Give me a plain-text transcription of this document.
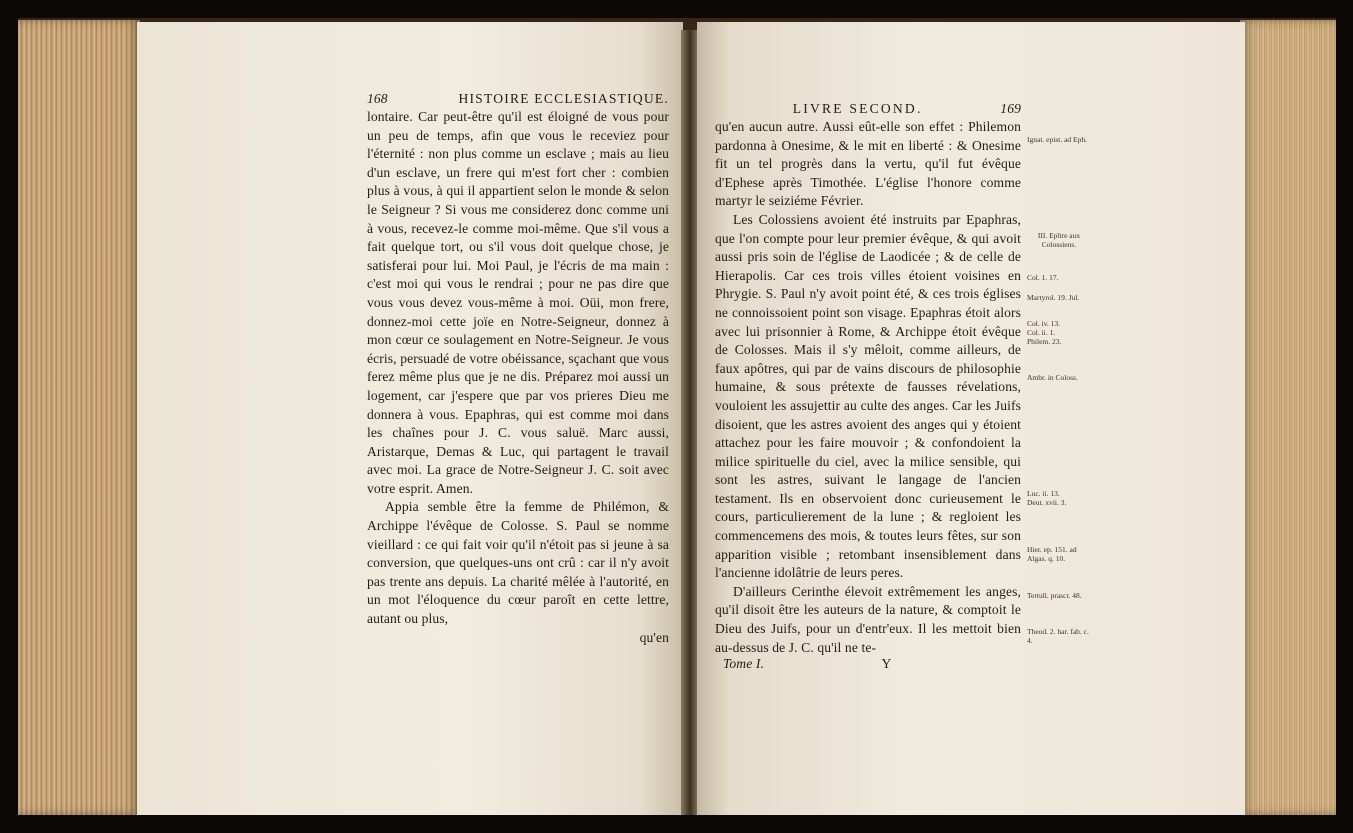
168	HISTOIRE ECCLESIASTIQUE.

lontaire. Car peut-être qu'il est éloigné de vous pour un peu de temps, afin que vous le receviez pour l'éternité : non plus comme un esclave ; mais au lieu d'un esclave, un frere qui m'est fort cher : combien plus à vous, à qui il appartient selon le monde & selon le Seigneur ? Si vous me considerez donc comme uni à vous, recevez-le comme moi-même. Que s'il vous a fait quelque tort, ou s'il vous doit quelque chose, je satisferai pour lui. Moi Paul, je l'écris de ma main : c'est moi qui vous le rendrai ; pour ne pas dire que vous vous devez vous-même à moi. Oüi, mon frere, donnez-moi cette joïe en Notre-Seigneur, donnez à mon cœur ce soulagement en Notre-Seigneur. Je vous écris, persuadé de votre obéissance, sçachant que vous ferez même plus que je ne dis. Préparez moi aussi un logement, car j'espere que par vos prieres Dieu me donnera à vous. Epaphras, qui est comme moi dans les chaînes pour J. C. vous saluë. Marc aussi, Aristarque, Demas & Luc, qui partagent le travail avec moi. La grace de Notre-Seigneur J. C. soit avec votre esprit. Amen.

Appia semble être la femme de Philémon, & Archippe l'évêque de Colosse. S. Paul se nomme vieillard : ce qui fait voir qu'il n'étoit pas si jeune à sa conversion, que quelques-uns ont crû : car il n'y avoit pas trente ans depuis. La charité mêlée à l'autorité, en un mot l'éloquence du cœur paroît en cette lettre, autant ou plus,

qu'en

LIVRE SECOND.	169

qu'en aucun autre. Aussi eût-elle son effet : Philemon pardonna à Onesime, & le mit en liberté : & Onesime fit un tel progrès dans la vertu, qu'il fut évêque d'Ephese après Timothée. L'église l'honore comme martyr le seiziéme Février.

Les Colossiens avoient été instruits par Epaphras, que l'on compte pour leur premier évêque, & qui avoit aussi pris soin de l'église de Laodicée ; & de celle de Hierapolis. Car ces trois villes étoient voisines en Phrygie. S. Paul n'y avoit point été, & ces trois églises ne connoissoient point son visage. Epaphras étoit alors avec lui prisonnier à Rome, & Archippe étoit évêque de Colosses. Mais il s'y mêloit, comme ailleurs, de faux apôtres, qui par de vains discours de philosophie humaine, & sous prétexte de fausses révelations, vouloient les assujettir au culte des anges. Car les Juifs disoient, que les astres avoient des anges qui y étoient attachez pour les faire mouvoir ; & confondoient la milice spirituelle du ciel, avec la milice sensible, qui sont les astres, suivant le langage de l'ancien testament. Ils en observoient donc curieusement le cours, particulierement de la lune ; & regloient les commencemens des mois, & toutes leurs fêtes, sur son apparition visible ; retombant insensiblement dans l'ancienne idolâtrie de leurs peres.

D'ailleurs Cerinthe élevoit extrêmement les anges, qu'il disoit être les auteurs de la nature, & comptoit le Dieu des Juifs, pour un d'entr'eux. Il les mettoit bien au-dessus de J. C. qu'il ne te-

Tome I.	Y
Ignat. epist. ad Eph.
III. Epître aux Colossiens.
Col. 1. 17.
Martyrol. 19. Jul.
Col. iv. 13.
Col. ii. 1.
Philem. 23.
Ambr. in Coloss.
Luc. ii. 13.
Deut. xvii. 3.
Hier. ep. 151. ad Algas. q. 10.
Tertull. prascr. 48.
Theod. 2. har. fab. c. 4.
